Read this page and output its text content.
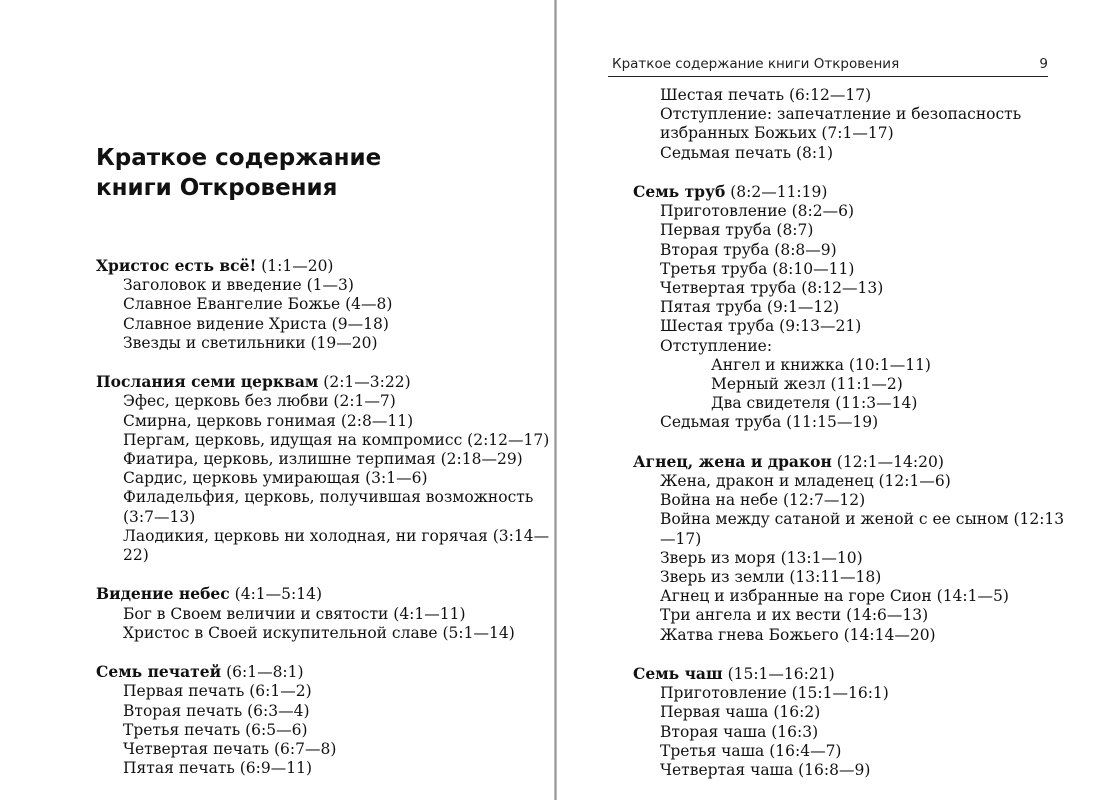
Краткое содержание
книги Откровения
Христос есть всё! (1:1—20)
Заголовок и введение (1—3)
Славное Евангелие Божье (4—8)
Славное видение Христа (9—18)
Звезды и светильники (19—20)
Послания семи церквам (2:1—3:22)
Эфес, церковь без любви (2:1—7)
Смирна, церковь гонимая (2:8—11)
Пергам, церковь, идущая на компромисс (2:12—17)
Фиатира, церковь, излишне терпимая (2:18—29)
Сардис, церковь умирающая (3:1—6)
Филадельфия, церковь, получившая возможность (3:7—13)
Лаодикия, церковь ни холодная, ни горячая (3:14—22)
Видение небес (4:1—5:14)
Бог в Своем величии и святости (4:1—11)
Христос в Своей искупительной славе (5:1—14)
Семь печатей (6:1—8:1)
Первая печать (6:1—2)
Вторая печать (6:3—4)
Третья печать (6:5—6)
Четвертая печать (6:7—8)
Пятая печать (6:9—11)
Краткое содержание книги Откровения	9
Шестая печать (6:12—17)
Отступление: запечатление и безопасность избранных Божьих (7:1—17)
Седьмая печать (8:1)
Семь труб (8:2—11:19)
Приготовление (8:2—6)
Первая труба (8:7)
Вторая труба (8:8—9)
Третья труба (8:10—11)
Четвертая труба (8:12—13)
Пятая труба (9:1—12)
Шестая труба (9:13—21)
Отступление:
Ангел и книжка (10:1—11)
Мерный жезл (11:1—2)
Два свидетеля (11:3—14)
Седьмая труба (11:15—19)
Агнец, жена и дракон (12:1—14:20)
Жена, дракон и младенец (12:1—6)
Война на небе (12:7—12)
Война между сатаной и женой с ее сыном (12:13—17)
Зверь из моря (13:1—10)
Зверь из земли (13:11—18)
Агнец и избранные на горе Сион (14:1—5)
Три ангела и их вести (14:6—13)
Жатва гнева Божьего (14:14—20)
Семь чаш (15:1—16:21)
Приготовление (15:1—16:1)
Первая чаша (16:2)
Вторая чаша (16:3)
Третья чаша (16:4—7)
Четвертая чаша (16:8—9)
